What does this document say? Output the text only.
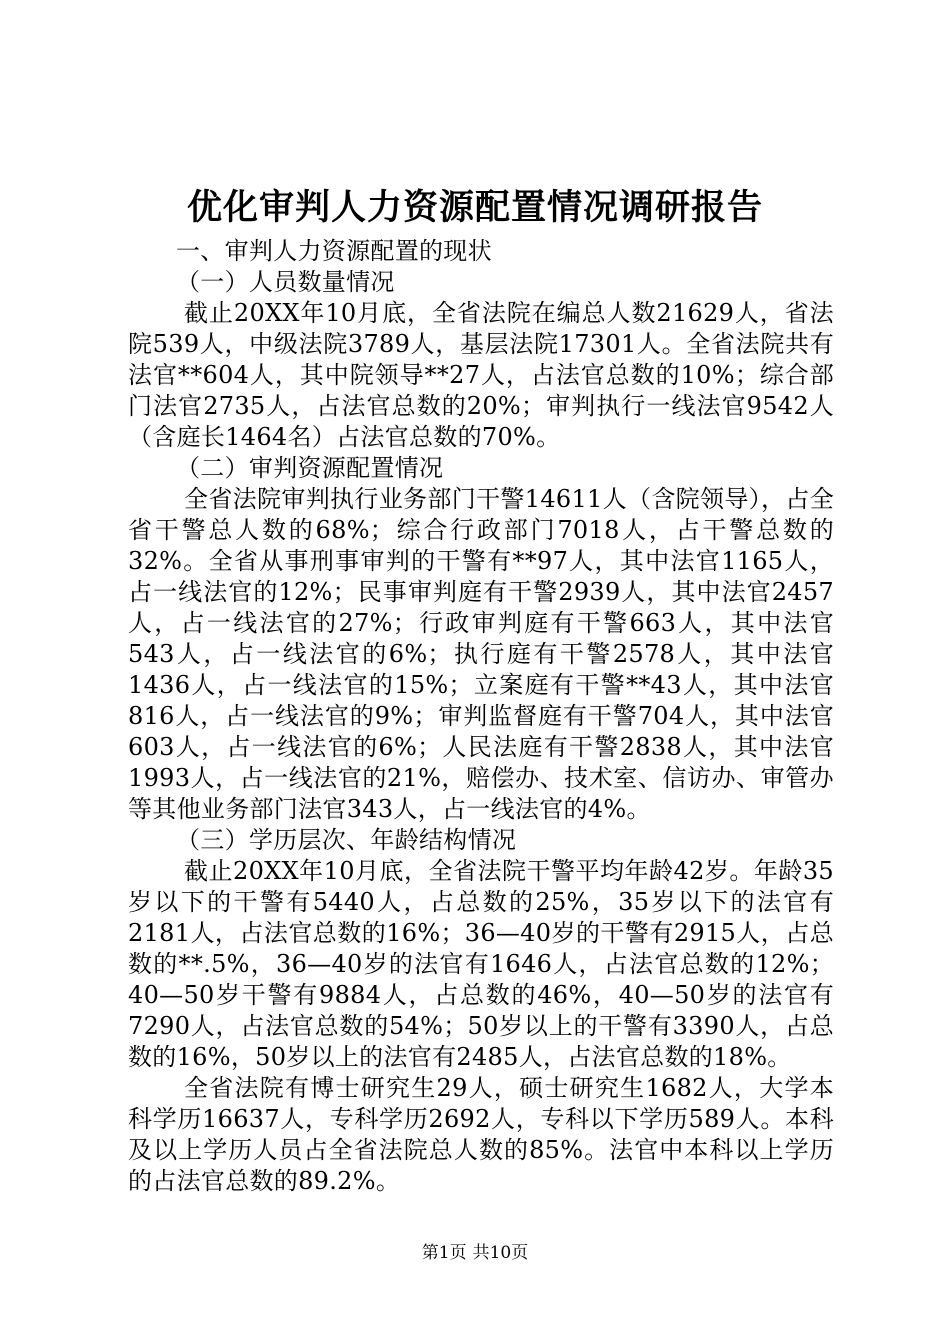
优化审判人力资源配置情况调研报告

一、审判人力资源配置的现状

（一）人员数量情况

截止20XX年10月底，全省法院在编总人数21629人，省法院539人，中级法院3789人，基层法院17301人。全省法院共有法官**604人，其中院领导**27人，占法官总数的10%；综合部门法官2735人，占法官总数的20%；审判执行一线法官9542人（含庭长1464名）占法官总数的70%。

（二）审判资源配置情况

全省法院审判执行业务部门干警14611人（含院领导），占全省干警总人数的68%；综合行政部门7018人，占干警总数的32%。全省从事刑事审判的干警有**97人，其中法官1165人，占一线法官的12%；民事审判庭有干警2939人，其中法官2457人，占一线法官的27%；行政审判庭有干警663人，其中法官543人，占一线法官的6%；执行庭有干警2578人，其中法官1436人，占一线法官的15%；立案庭有干警**43人，其中法官816人，占一线法官的9%；审判监督庭有干警704人，其中法官603人，占一线法官的6%；人民法庭有干警2838人，其中法官1993人，占一线法官的21%，赔偿办、技术室、信访办、审管办等其他业务部门法官343人，占一线法官的4%。

（三）学历层次、年龄结构情况

截止20XX年10月底，全省法院干警平均年龄42岁。年龄35岁以下的干警有5440人，占总数的25%，35岁以下的法官有2181人，占法官总数的16%；36—40岁的干警有2915人，占总数的**.5%，36—40岁的法官有1646人，占法官总数的12%；40—50岁干警有9884人，占总数的46%，40—50岁的法官有7290人，占法官总数的54%；50岁以上的干警有3390人，占总数的16%，50岁以上的法官有2485人，占法官总数的18%。

全省法院有博士研究生29人，硕士研究生1682人，大学本科学历16637人，专科学历2692人，专科以下学历589人。本科及以上学历人员占全省法院总人数的85%。法官中本科以上学历的占法官总数的89.2%。

第1页 共10页
